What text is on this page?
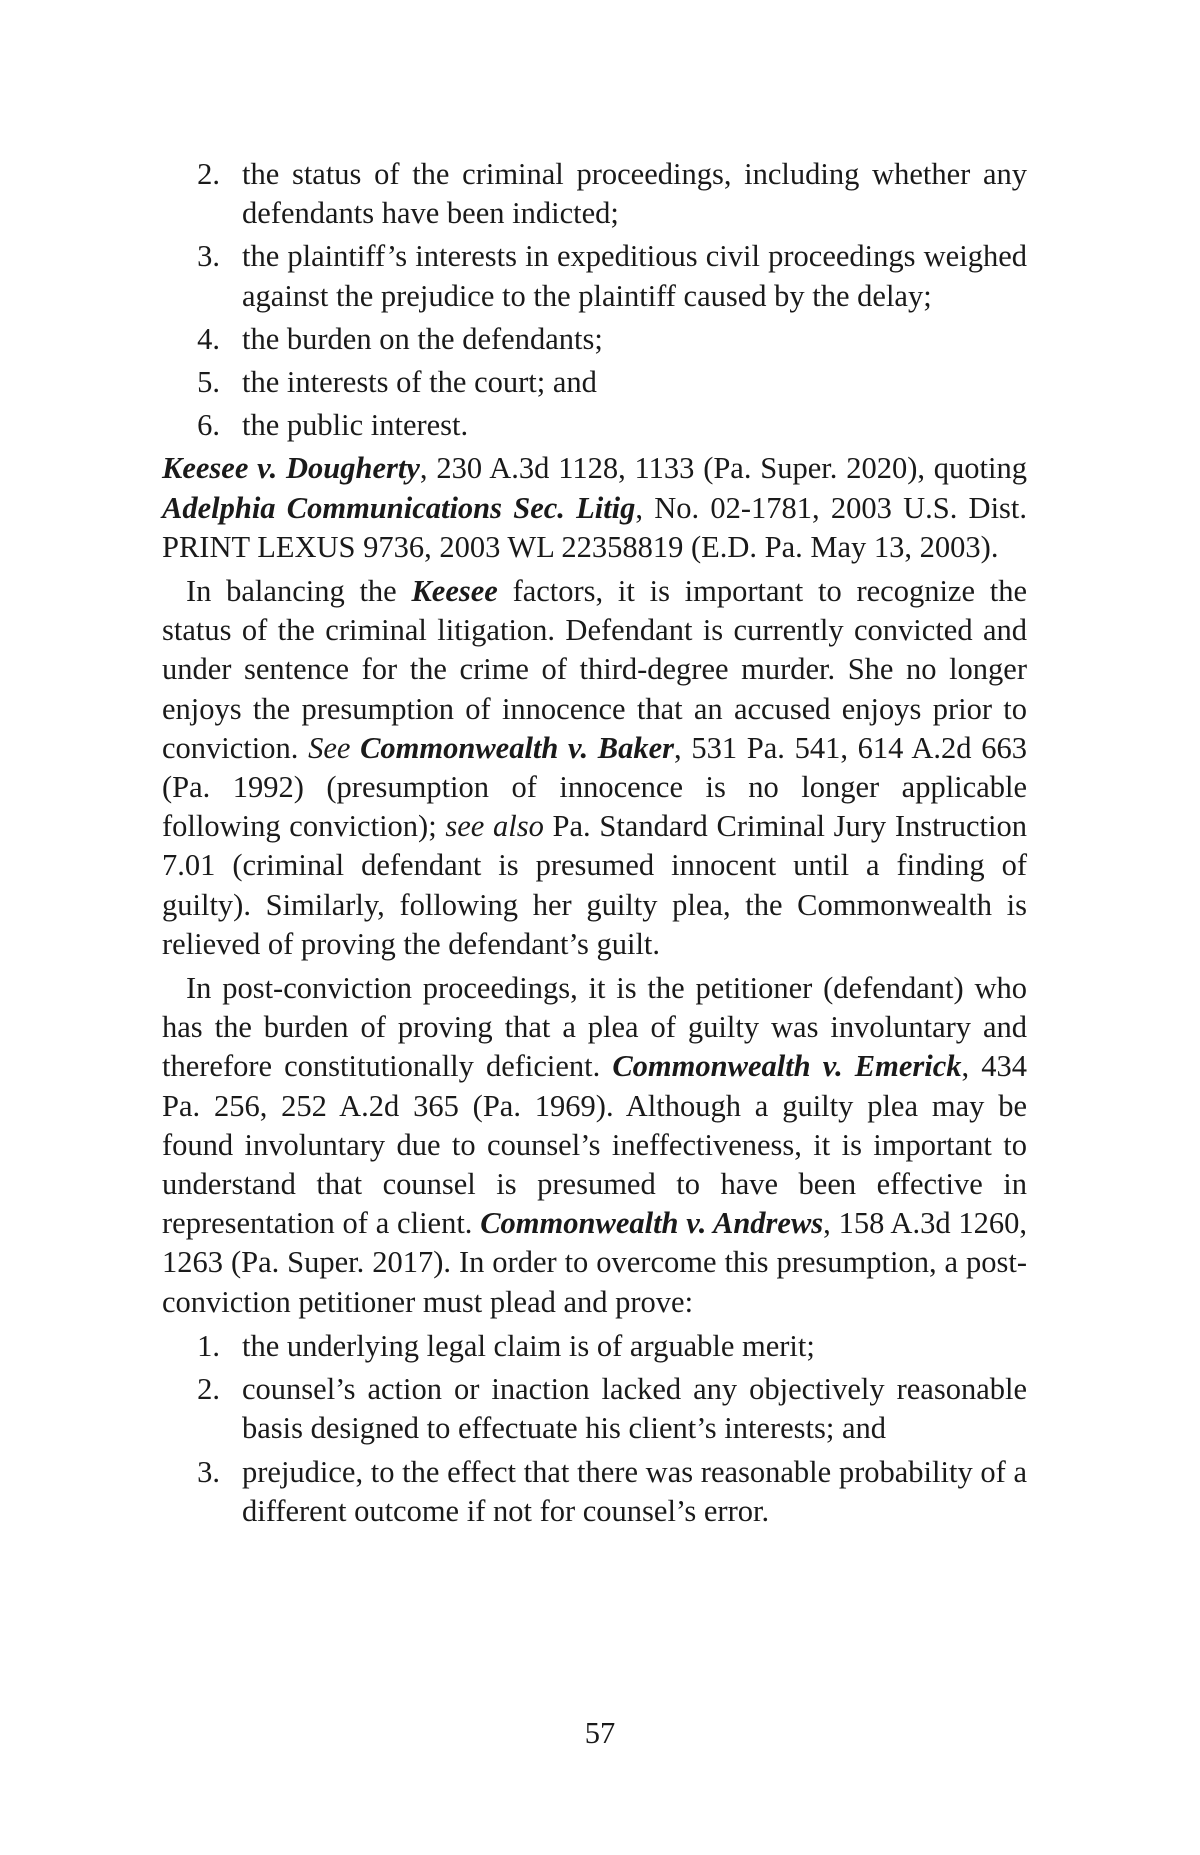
2. the status of the criminal proceedings, including whether any defendants have been indicted;
3. the plaintiff’s interests in expeditious civil proceedings weighed against the prejudice to the plaintiff caused by the delay;
4. the burden on the defendants;
5. the interests of the court; and
6. the public interest.

Keesee v. Dougherty, 230 A.3d 1128, 1133 (Pa. Super. 2020), quoting Adelphia Communications Sec. Litig, No. 02-1781, 2003 U.S. Dist. PRINT LEXUS 9736, 2003 WL 22358819 (E.D. Pa. May 13, 2003).

In balancing the Keesee factors, it is important to recognize the status of the criminal litigation. Defendant is currently convicted and under sentence for the crime of third-degree murder. She no longer enjoys the presumption of innocence that an accused enjoys prior to conviction. See Commonwealth v. Baker, 531 Pa. 541, 614 A.2d 663 (Pa. 1992) (presumption of innocence is no longer applicable following conviction); see also Pa. Standard Criminal Jury Instruction 7.01 (criminal defendant is presumed innocent until a finding of guilty). Similarly, following her guilty plea, the Commonwealth is relieved of proving the defendant’s guilt.

In post-conviction proceedings, it is the petitioner (defendant) who has the burden of proving that a plea of guilty was involuntary and therefore constitutionally deficient. Commonwealth v. Emerick, 434 Pa. 256, 252 A.2d 365 (Pa. 1969). Although a guilty plea may be found involuntary due to counsel’s ineffectiveness, it is important to understand that counsel is presumed to have been effective in representation of a client. Commonwealth v. Andrews, 158 A.3d 1260, 1263 (Pa. Super. 2017). In order to overcome this presumption, a post-conviction petitioner must plead and prove:

1. the underlying legal claim is of arguable merit;
2. counsel’s action or inaction lacked any objectively reasonable basis designed to effectuate his client’s interests; and
3. prejudice, to the effect that there was reasonable probability of a different outcome if not for counsel’s error.
57
